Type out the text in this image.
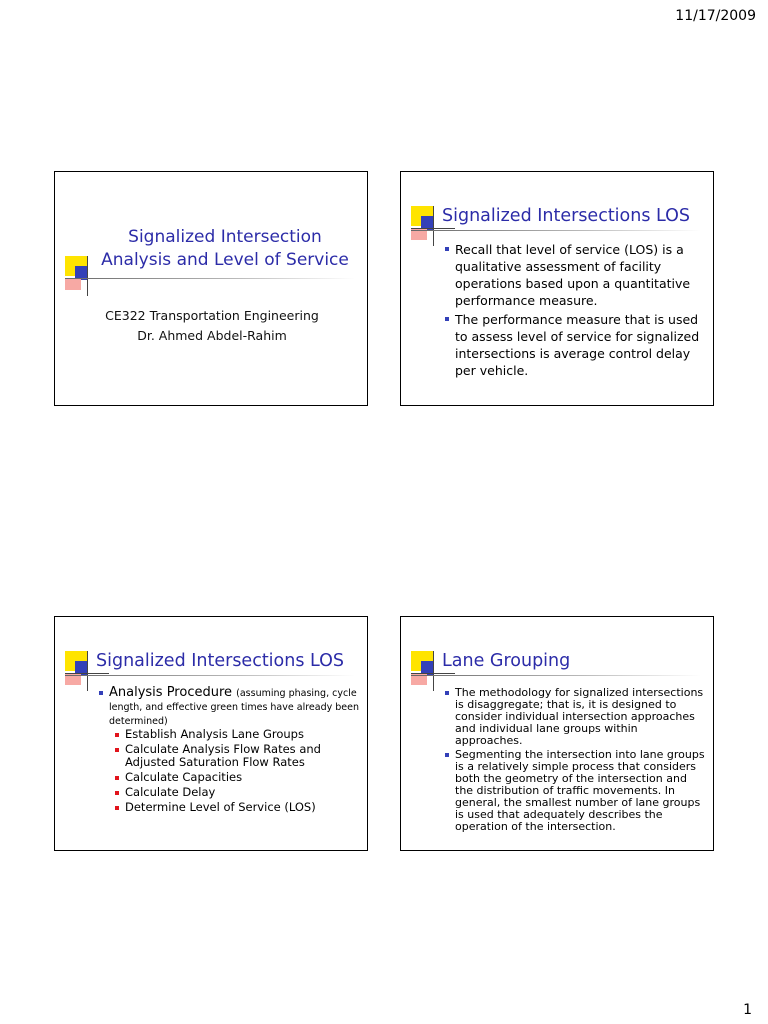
11/17/2009
Signalized Intersection Analysis and Level of Service
CE322 Transportation Engineering
Dr. Ahmed Abdel-Rahim
Signalized Intersections LOS
Recall that level of service (LOS) is a qualitative assessment of facility operations based upon a quantitative performance measure.
The performance measure that is used to assess level of service for signalized intersections is average control delay per vehicle.
Signalized Intersections LOS
Analysis Procedure (assuming phasing, cycle length, and effective green times have already been determined)
Establish Analysis Lane Groups
Calculate Analysis Flow Rates and Adjusted Saturation Flow Rates
Calculate Capacities
Calculate Delay
Determine Level of Service (LOS)
Lane Grouping
The methodology for signalized intersections is disaggregate; that is, it is designed to consider individual intersection approaches and individual lane groups within approaches.
Segmenting the intersection into lane groups is a relatively simple process that considers both the geometry of the intersection and the distribution of traffic movements. In general, the smallest number of lane groups is used that adequately describes the operation of the intersection.
1
